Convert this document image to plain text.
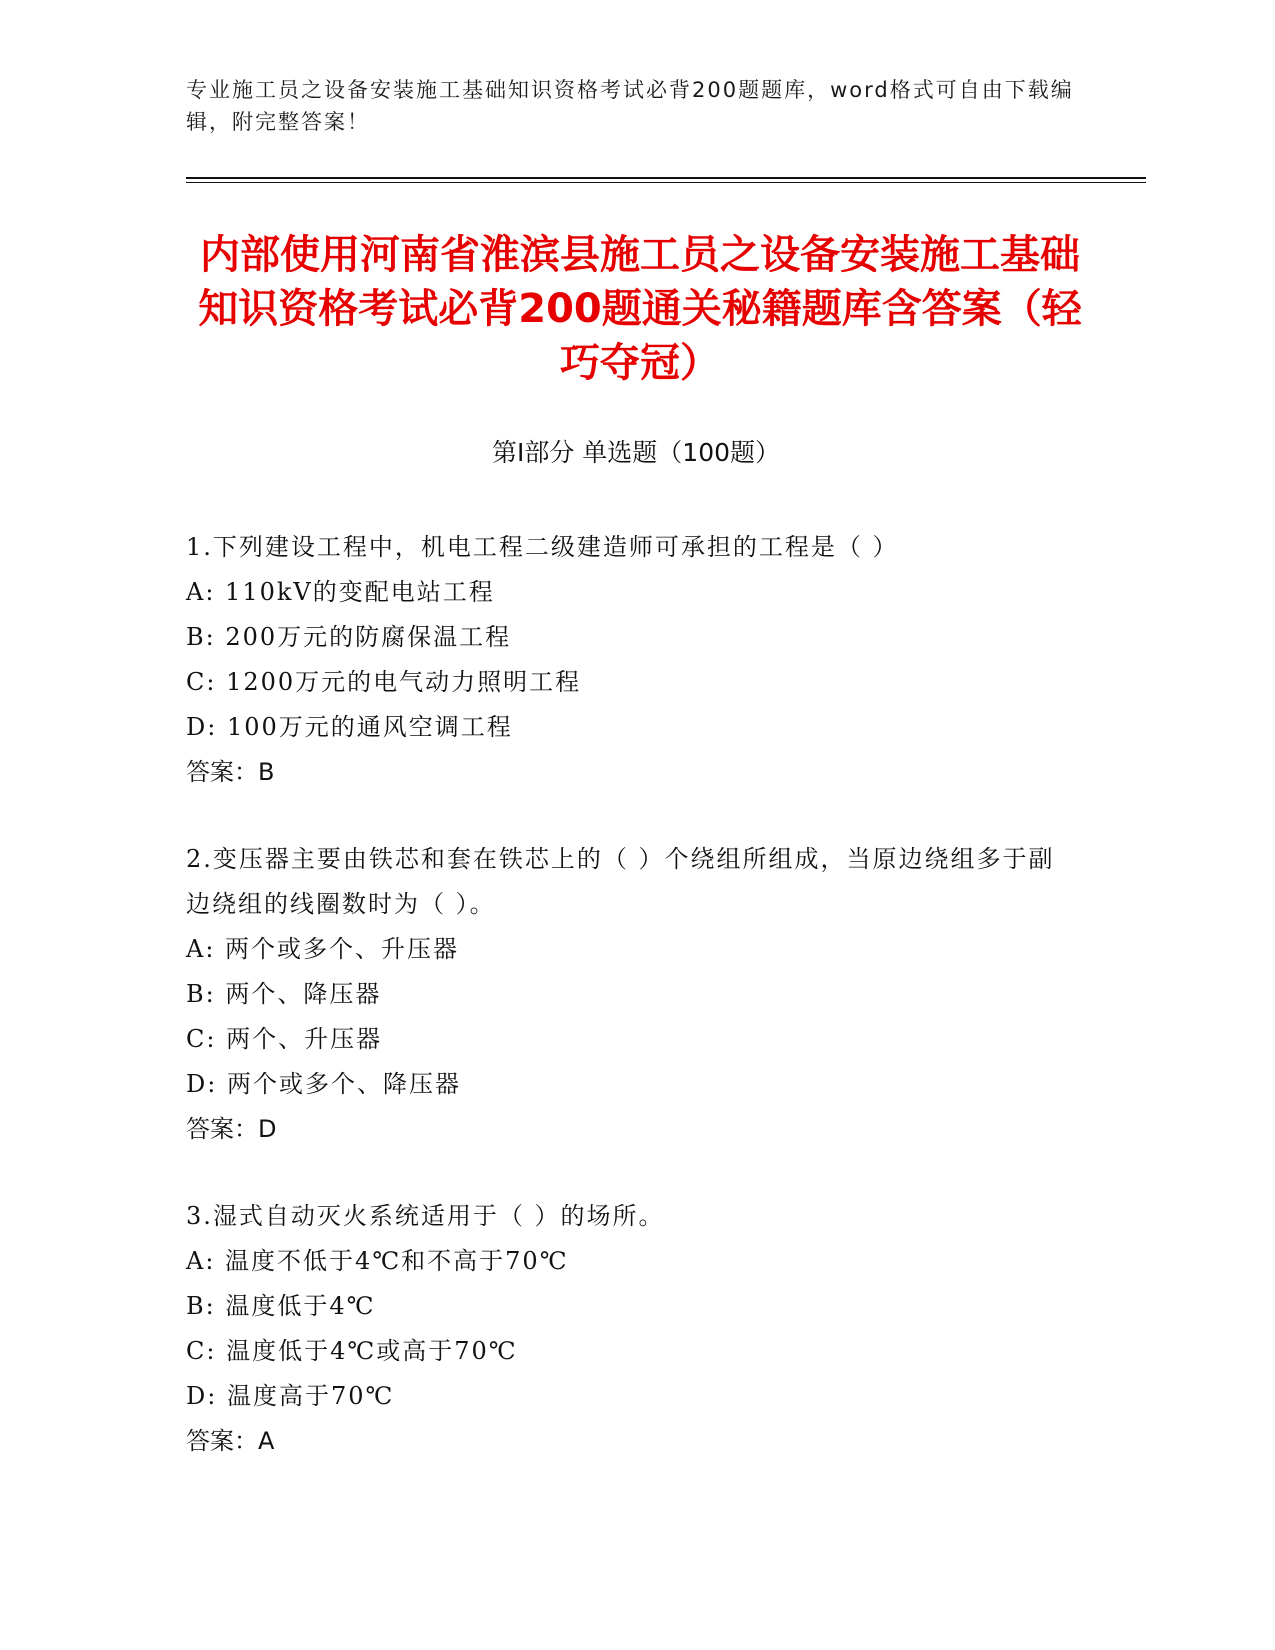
专业施工员之设备安装施工基础知识资格考试必背200题题库，word格式可自由下载编辑，附完整答案！
内部使用河南省淮滨县施工员之设备安装施工基础知识资格考试必背200题通关秘籍题库含答案（轻巧夺冠）
第Ⅰ部分 单选题（100题）

1.下列建设工程中，机电工程二级建造师可承担的工程是（ ）

A: 110kV的变配电站工程

B: 200万元的防腐保温工程

C: 1200万元的电气动力照明工程

D: 100万元的通风空调工程

答案：B

2.变压器主要由铁芯和套在铁芯上的（ ）个绕组所组成，当原边绕组多于副边绕组的线圈数时为（ ）。

A: 两个或多个、升压器

B: 两个、降压器

C: 两个、升压器

D: 两个或多个、降压器

答案：D

3.湿式自动灭火系统适用于（ ）的场所。

A: 温度不低于4℃和不高于70℃

B: 温度低于4℃

C: 温度低于4℃或高于70℃

D: 温度高于70℃

答案：A
